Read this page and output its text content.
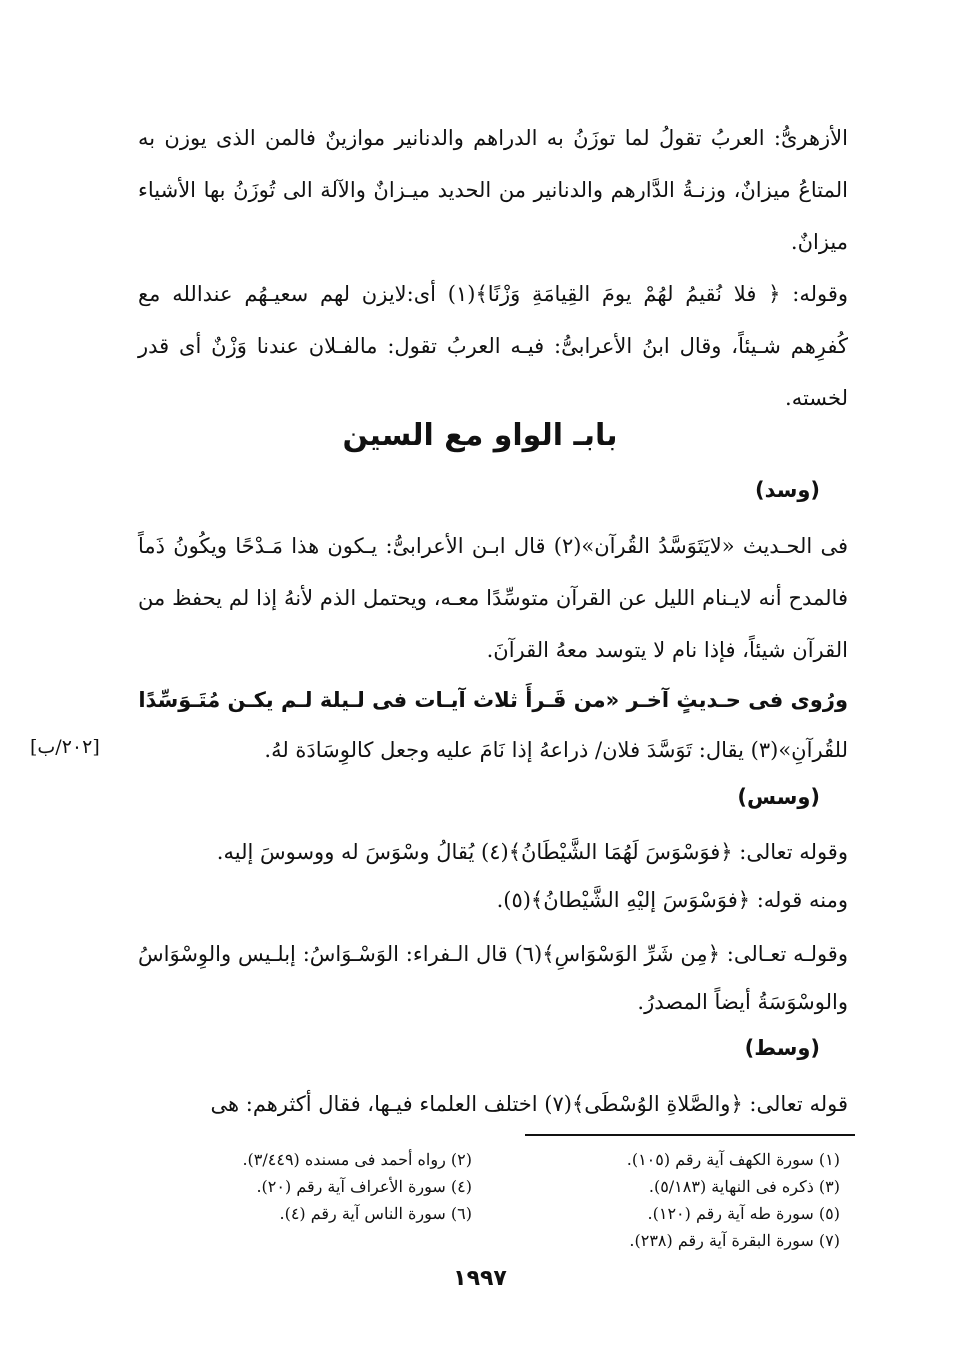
الأزهرىُّ: العربُ تقولُ لما توزَنُ به الدراهم والدنانير موازينٌ فالمن الذى يوزن به المتاعُ ميزانٌ، وزنـةُ الدَّارهم والدنانير من الحديد ميـزانٌ والآلة الى تُوزَنُ بها الأشياء ميزانٌ.
وقوله: ﴿ فلا نُقيمُ لهُمْ يومَ القِيامَةِ وَزْنًا﴾(١) أى:لايزن لهم سعيـهُم عندالله مع كُفرِهم شـيئاً، وقال ابنُ الأعرابىُّ: فيـه العربُ تقول: مالفـلان عندنا وَزْنٌ أى قدر لخسته.
بابـ الواو مع السين
(وسد)
فى الحـديث «لايَتَوَسَّدُ القُرآن»(٢) قال ابـن الأعرابىُّ: يـكون هذا مَـدْحًا ويكُونُ ذَماً فالمدح أنه لايـنام الليل عن القرآن متوسِّدًا معـه، ويحتمل الذم لأنهُ إذا لم يحفظ من القرآن شيئاً، فإذا نام لا يتوسد معهُ القرآنَ.
ورُوى فى حـديثٍ آخـر «من قَـرأَ ثلاث آيـات فى لـيلة لـم يكـن مُتَـوَسِّدًا
للقُرآنِ»(٣) يقال: تَوَسَّدَ فلان/ ذراعهُ إذا نَامَ عليه وجعل كالوِسَادَة لهُ.
[٢٠٢/ب]
(وسس)
وقوله تعالى: ﴿فوَسْوَسَ لَهُمَا الشَّيْطَانُ﴾(٤) يُقالُ وسْوَسَ له ووسوسَ إليه.
ومنه قوله: ﴿فوَسْوَسَ إليْهِ الشَّيْطانُ﴾(٥).
وقولـه تعـالى: ﴿مِن شَرِّ الوَسْوَاسِ﴾(٦) قال الـفراء: الوَسْـوَاسُ: إبلـيس والوِسْوَاسُ والوسْوَسَةُ أيضاً المصدرُ.
(وسط)
قوله تعالى: ﴿والصَّلاةِ الوُسْطَى﴾(٧) اختلف العلماء فيـها، فقال أكثرهم: هى
(١) سورة الكهف آية رقم (١٠٥).
(٢) رواه أحمد فى مسنده (٣/٤٤٩).
(٣) ذكره فى النهاية (٥/١٨٣).
(٤) سورة الأعراف آية رقم (٢٠).
(٥) سورة طه آية رقم (١٢٠).
(٦) سورة الناس آية رقم (٤).
(٧) سورة البقرة آية رقم (٢٣٨).
١٩٩٧
